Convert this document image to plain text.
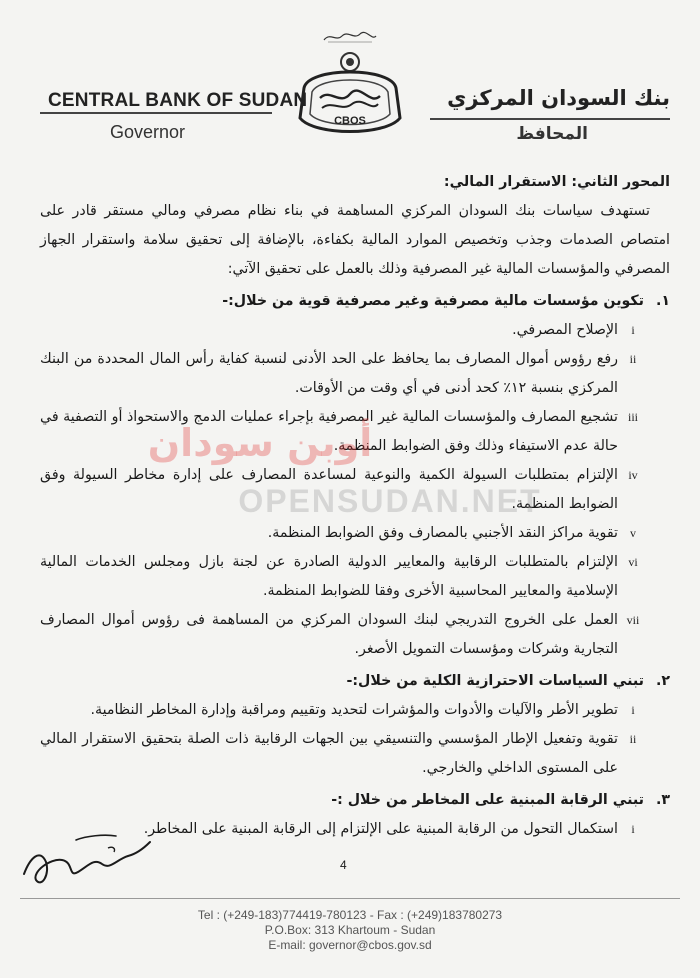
CBOS
CENTRAL BANK OF SUDAN
Governor
بنك السودان المركزي
المحافظ

المحور الثاني: الاستقرار المالي:

تستهدف سياسات بنك السودان المركزي المساهمة في بناء نظام مصرفي ومالي مستقر قادر على امتصاص الصدمات وجذب وتخصيص الموارد المالية بكفاءة، بالإضافة إلى تحقيق سلامة واستقرار الجهاز المصرفي والمؤسسات المالية غير المصرفية وذلك بالعمل على تحقيق الآتي:

١.تكوين مؤسسات مالية مصرفية وغير مصرفية قوية من خلال:-

i
الإصلاح المصرفي.

ii
رفع رؤوس أموال المصارف بما يحافظ على الحد الأدنى لنسبة كفاية رأس المال المحددة من البنك المركزي بنسبة ١٢٪ كحد أدنى في أي وقت من الأوقات.

iii
تشجيع المصارف والمؤسسات المالية غير المصرفية بإجراء عمليات الدمج والاستحواذ أو التصفية في حالة عدم الاستيفاء وذلك وفق الضوابط المنظمة.

iv
الإلتزام بمتطلبات السيولة الكمية والنوعية لمساعدة المصارف على إدارة مخاطر السيولة وفق الضوابط المنظمة.

v
تقوية مراكز النقد الأجنبي بالمصارف وفق الضوابط المنظمة.

vi
الإلتزام بالمتطلبات الرقابية والمعايير الدولية الصادرة عن لجنة بازل ومجلس الخدمات المالية الإسلامية والمعايير المحاسبية الأخرى وفقا للضوابط المنظمة.

vii
العمل على الخروج التدريجي لبنك السودان المركزي من المساهمة فى رؤوس أموال المصارف التجارية وشركات ومؤسسات التمويل الأصغر.

٢.تبني السياسات الاحترازية الكلية من خلال:-

i
تطوير الأطر والآليات والأدوات والمؤشرات لتحديد وتقييم ومراقبة وإدارة المخاطر النظامية.

ii
تقوية وتفعيل الإطار المؤسسي والتنسيقي بين الجهات الرقابية ذات الصلة بتحقيق الاستقرار المالي على المستوى الداخلي والخارجي.

٣.تبني الرقابة المبنية على المخاطر من خلال :-

i
استكمال التحول من الرقابة المبنية على الإلتزام إلى الرقابة المبنية على المخاطر.

أوبن سودان
OPENSUDAN.NET
4
Tel : (+249-183)774419-780123 - Fax : (+249)183780273
P.O.Box: 313 Khartoum - Sudan
E-mail: governor@cbos.gov.sd
